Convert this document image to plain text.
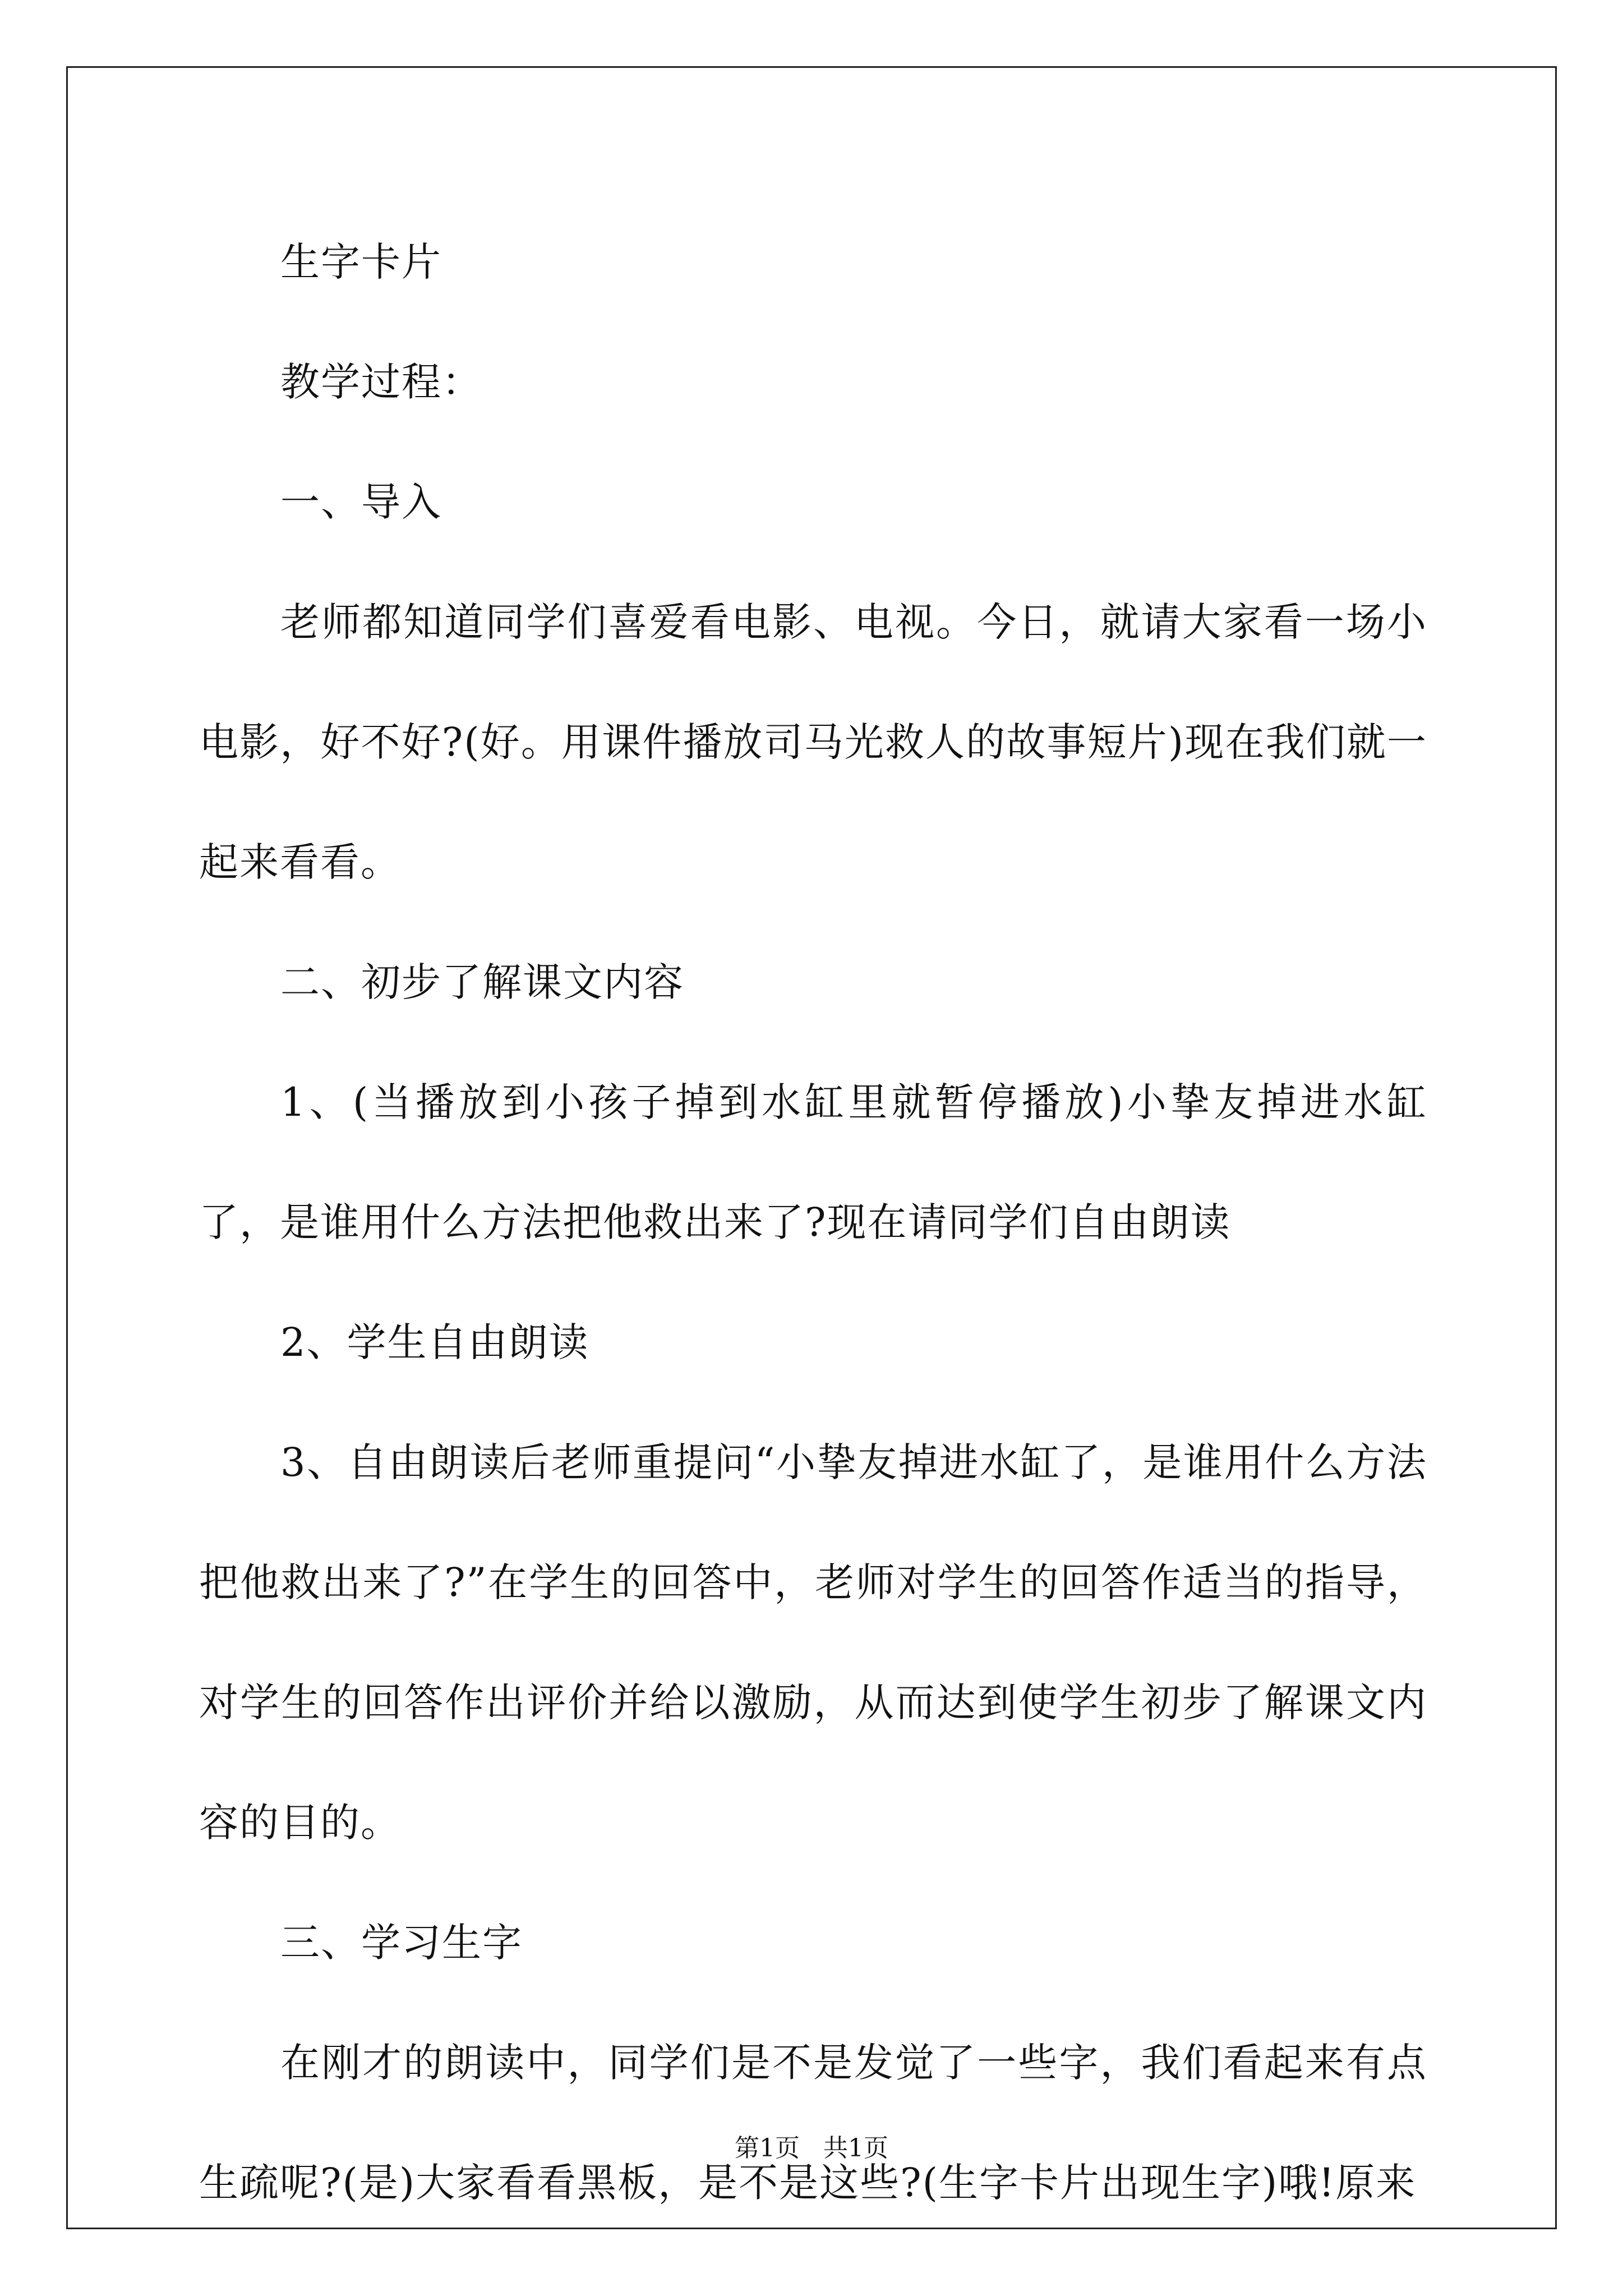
生字卡片

教学过程：

一、导入

老师都知道同学们喜爱看电影、电视。今日，就请大家看一场小电影，好不好?(好。用课件播放司马光救人的故事短片)现在我们就一起来看看。

二、初步了解课文内容

1、(当播放到小孩子掉到水缸里就暂停播放)小挚友掉进水缸了，是谁用什么方法把他救出来了?现在请同学们自由朗读

2、学生自由朗读

3、自由朗读后老师重提问“小挚友掉进水缸了，是谁用什么方法把他救出来了?”在学生的回答中，老师对学生的回答作适当的指导，对学生的回答作出评价并给以激励，从而达到使学生初步了解课文内容的目的。

三、学习生字

在刚才的朗读中，同学们是不是发觉了一些字，我们看起来有点生疏呢?(是)大家看看黑板，是不是这些?(生字卡片出现生字)哦!原来

第1页 共1页
